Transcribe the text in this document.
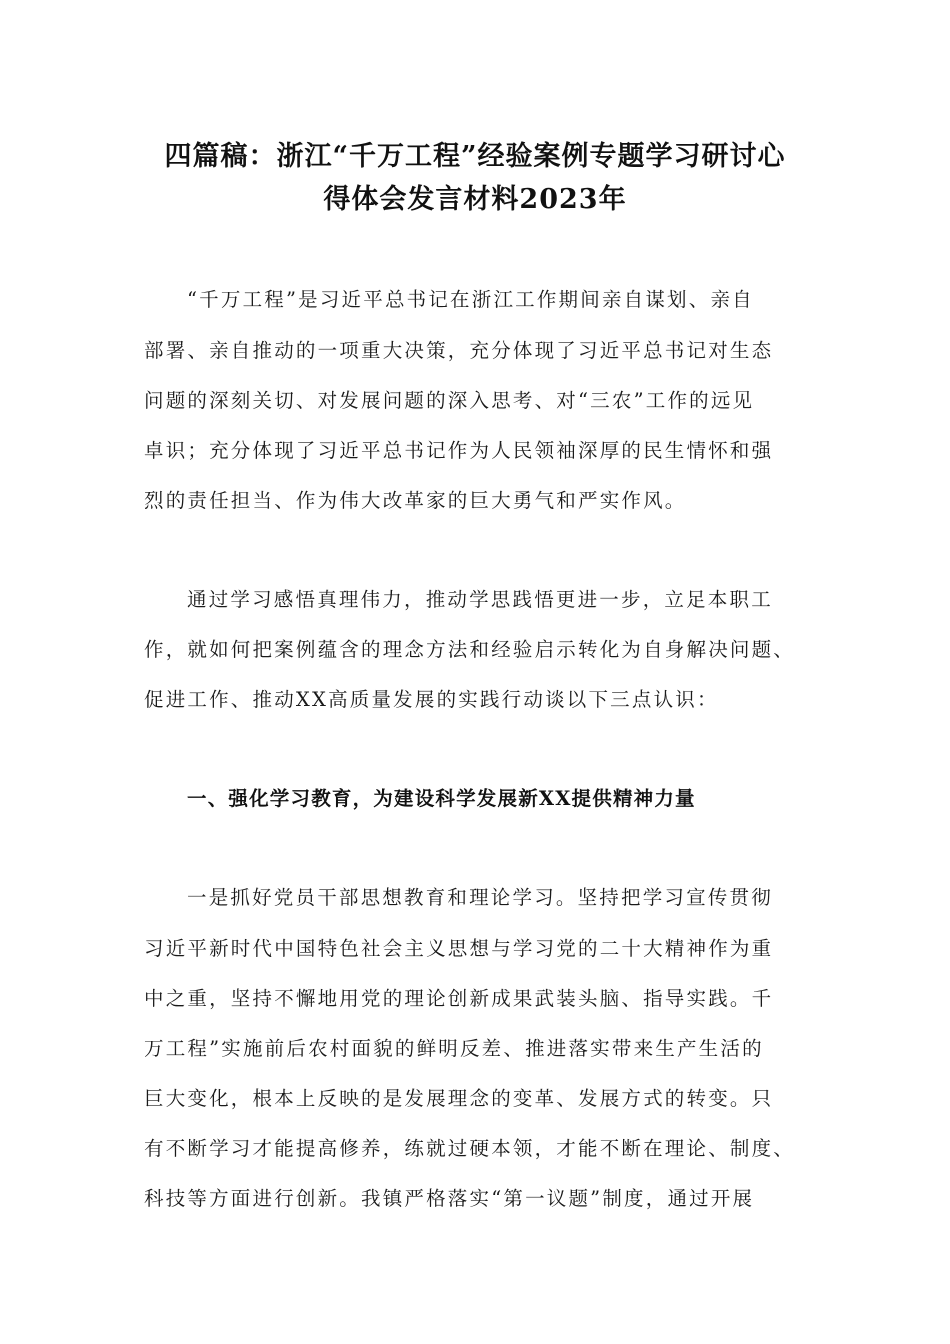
四篇稿：浙江“千万工程”经验案例专题学习研讨心
得体会发言材料2023年
“千万工程”是习近平总书记在浙江工作期间亲自谋划、亲自
部署、亲自推动的一项重大决策，充分体现了习近平总书记对生态
问题的深刻关切、对发展问题的深入思考、对“三农”工作的远见
卓识；充分体现了习近平总书记作为人民领袖深厚的民生情怀和强
烈的责任担当、作为伟大改革家的巨大勇气和严实作风。
通过学习感悟真理伟力，推动学思践悟更进一步，立足本职工
作，就如何把案例蕴含的理念方法和经验启示转化为自身解决问题、
促进工作、推动XX高质量发展的实践行动谈以下三点认识：
一、强化学习教育，为建设科学发展新XX提供精神力量
一是抓好党员干部思想教育和理论学习。坚持把学习宣传贯彻
习近平新时代中国特色社会主义思想与学习党的二十大精神作为重
中之重，坚持不懈地用党的理论创新成果武装头脑、指导实践。千
万工程”实施前后农村面貌的鲜明反差、推进落实带来生产生活的
巨大变化，根本上反映的是发展理念的变革、发展方式的转变。只
有不断学习才能提高修养，练就过硬本领，才能不断在理论、制度、
科技等方面进行创新。我镇严格落实“第一议题”制度，通过开展
